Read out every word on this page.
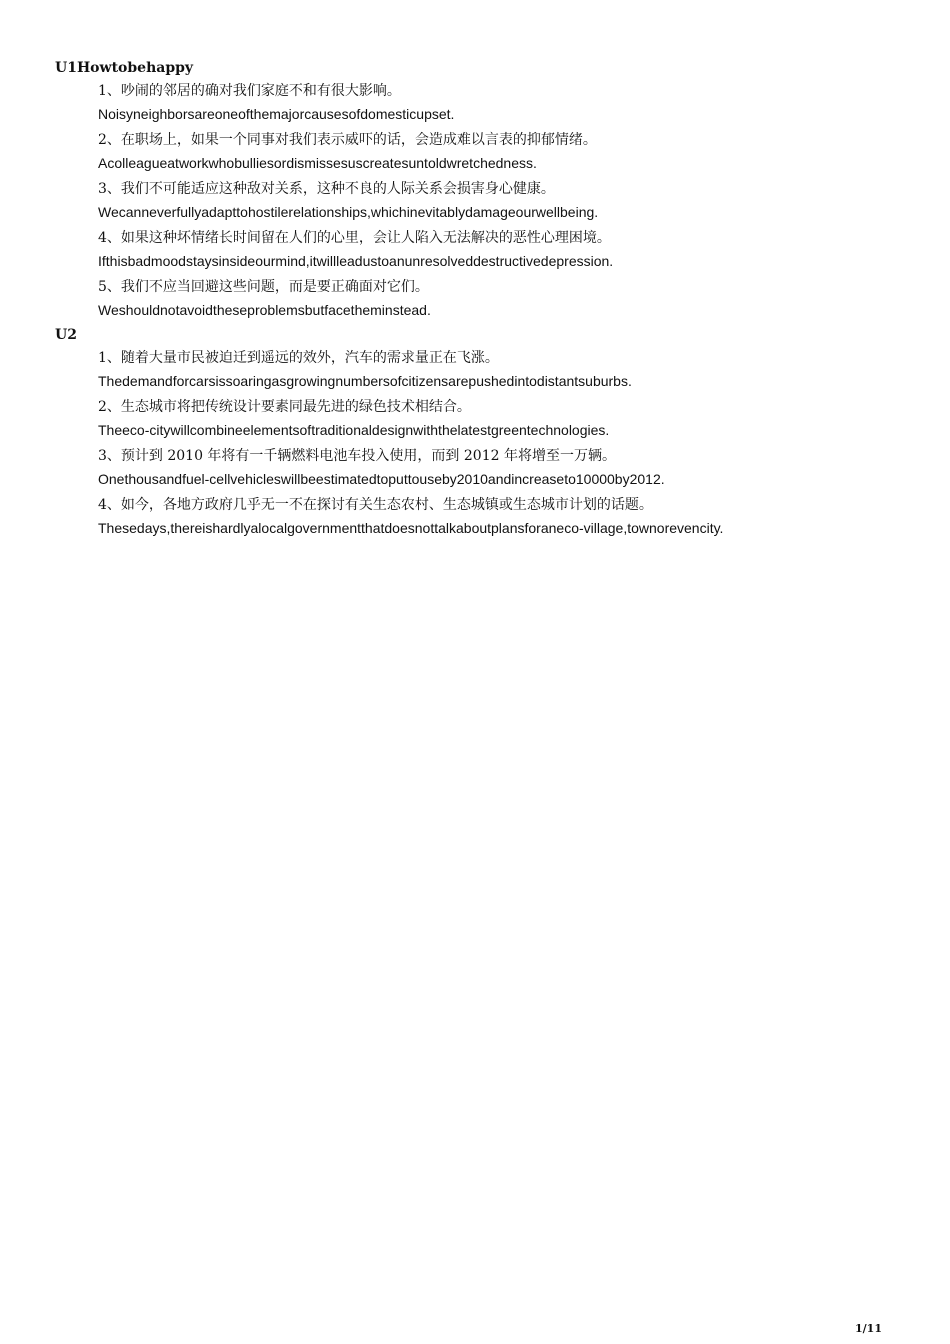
U1Howtobehappy
1、吵闹的邻居的确对我们家庭不和有很大影响。
Noisyneighborsareoneofthemajorcausesofdomesticupset.
2、在职场上，如果一个同事对我们表示威吓的话，会造成难以言表的抑郁情绪。
Acolleagueatworkwhobulliesordismissesuscreatesuntoldwretchedness.
3、我们不可能适应这种敌对关系，这种不良的人际关系会损害身心健康。
Wecanneverfullyadapttohostilerelationships,whichinevitablydamageourwellbeing.
4、如果这种坏情绪长时间留在人们的心里，会让人陷入无法解决的恶性心理困境。
Ifthisbadmoodstaysinsideourmind,itwillleadustoanunresolveddestructivedepression.
5、我们不应当回避这些问题，而是要正确面对它们。
Weshouldnotavoidtheseproblemsbutfacetheminstead.
U2
1、随着大量市民被迫迁到遥远的效外，汽车的需求量正在飞涨。
Thedemandforcarsissoaringasgrowingnumbersofcitizensarepushedintodistantsuburbs.
2、生态城市将把传统设计要素同最先进的绿色技术相结合。
Theeco-citywillcombineelementsoftraditionaldesignwiththelatestgreentechnologies.
3、预计到 2010 年将有一千辆燃料电池车投入使用，而到 2012 年将增至一万辆。
Onethousandfuel-cellvehicleswillbeestimatedtoputtouseby2010andincreaseto10000by2012.
4、如今，各地方政府几乎无一不在探讨有关生态农村、生态城镇或生态城市计划的话题。
Thesedays,thereishardlyalocalgovernmentthatdoesnottalkaboutplansforaneco-village,townorevencity.
1/11
